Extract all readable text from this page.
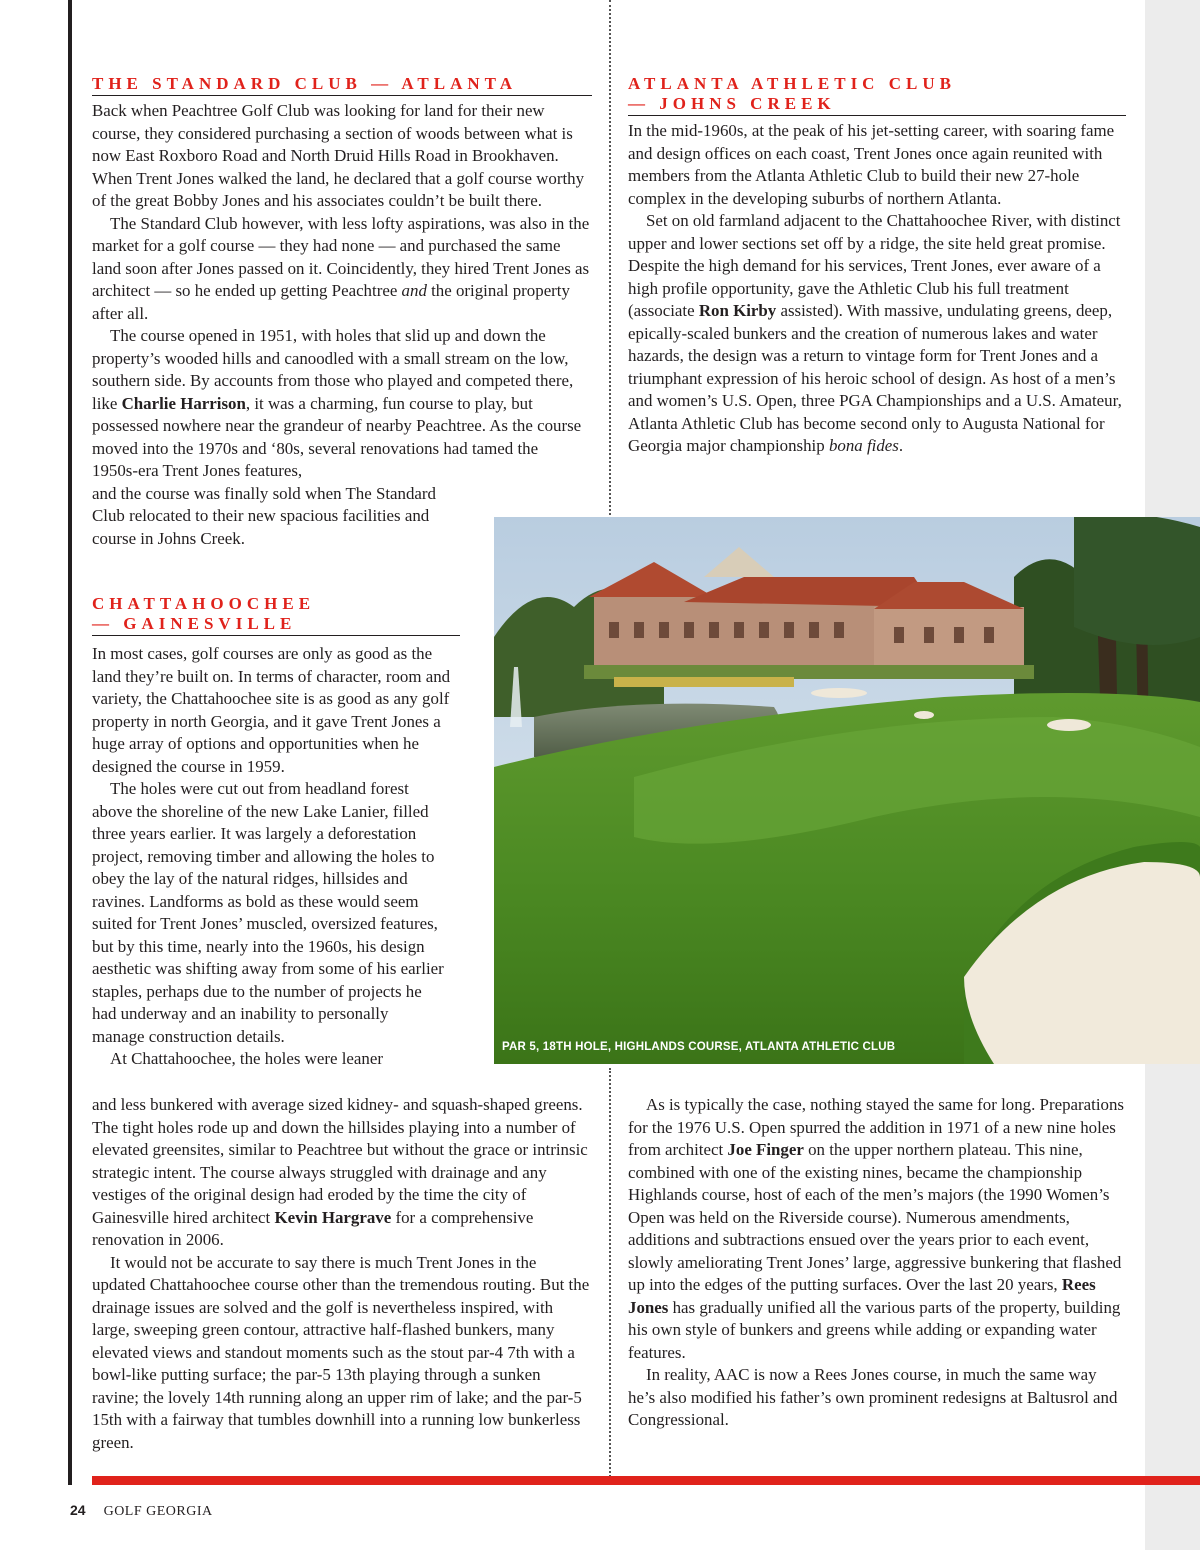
THE STANDARD CLUB — ATLANTA

Back when Peachtree Golf Club was looking for land for their new course, they considered purchasing a section of woods between what is now East Roxboro Road and North Druid Hills Road in Brookhaven. When Trent Jones walked the land, he declared that a golf course worthy of the great Bobby Jones and his associates couldn’t be built there.

The Standard Club however, with less lofty aspirations, was also in the market for a golf course — they had none — and purchased the same land soon after Jones passed on it. Coincidently, they hired Trent Jones as architect — so he ended up getting Peachtree and the original property after all.

The course opened in 1951, with holes that slid up and down the property’s wooded hills and canoodled with a small stream on the low, southern side. By accounts from those who played and competed there, like Charlie Harrison, it was a charming, fun course to play, but possessed nowhere near the grandeur of nearby Peachtree. As the course moved into the 1970s and ‘80s, several renovations had tamed the 1950s-era Trent Jones features,

and the course was finally sold when The Standard Club relocated to their new spacious facilities and course in Johns Creek.

CHATTAHOOCHEE
— GAINESVILLE

In most cases, golf courses are only as good as the land they’re built on. In terms of character, room and variety, the Chattahoochee site is as good as any golf property in north Georgia, and it gave Trent Jones a huge array of options and opportunities when he designed the course in 1959.

The holes were cut out from headland forest above the shoreline of the new Lake Lanier, filled three years earlier. It was largely a deforestation project, removing timber and allowing the holes to obey the lay of the natural ridges, hillsides and ravines. Landforms as bold as these would seem suited for Trent Jones’ muscled, oversized features, but by this time, nearly into the 1960s, his design aesthetic was shifting away from some of his earlier staples, perhaps due to the number of projects he had underway and an inability to personally manage construction details.

At Chattahoochee, the holes were leaner

and less bunkered with average sized kidney- and squash-shaped greens. The tight holes rode up and down the hillsides playing into a number of elevated greensites, similar to Peachtree but without the grace or intrinsic strategic intent. The course always struggled with drainage and any vestiges of the original design had eroded by the time the city of Gainesville hired architect Kevin Hargrave for a comprehensive renovation in 2006.

It would not be accurate to say there is much Trent Jones in the updated Chattahoochee course other than the tremendous routing. But the drainage issues are solved and the golf is nevertheless inspired, with large, sweeping green contour, attractive half-flashed bunkers, many elevated views and standout moments such as the stout par-4 7th with a bowl-like putting surface; the par-5 13th playing through a sunken ravine; the lovely 14th running along an upper rim of lake; and the par-5 15th with a fairway that tumbles downhill into a running low bunkerless green.

ATLANTA ATHLETIC CLUB
— JOHNS CREEK

In the mid-1960s, at the peak of his jet-setting career, with soaring fame and design offices on each coast, Trent Jones once again reunited with members from the Atlanta Athletic Club to build their new 27-hole complex in the developing suburbs of northern Atlanta.

Set on old farmland adjacent to the Chattahoochee River, with distinct upper and lower sections set off by a ridge, the site held great promise. Despite the high demand for his services, Trent Jones, ever aware of a high profile opportunity, gave the Athletic Club his full treatment (associate Ron Kirby assisted). With massive, undulating greens, deep, epically-scaled bunkers and the creation of numerous lakes and water hazards, the design was a return to vintage form for Trent Jones and a triumphant expression of his heroic school of design. As host of a men’s and women’s U.S. Open, three PGA Championships and a U.S. Amateur, Atlanta Athletic Club has become second only to Augusta National for Georgia major championship bona fides.

As is typically the case, nothing stayed the same for long. Preparations for the 1976 U.S. Open spurred the addition in 1971 of a new nine holes from architect Joe Finger on the upper northern plateau. This nine, combined with one of the existing nines, became the championship Highlands course, host of each of the men’s majors (the 1990 Women’s Open was held on the Riverside course). Numerous amendments, additions and subtractions ensued over the years prior to each event, slowly ameliorating Trent Jones’ large, aggressive bunkering that flashed up into the edges of the putting surfaces. Over the last 20 years, Rees Jones has gradually unified all the various parts of the property, building his own style of bunkers and greens while adding or expanding water features.

In reality, AAC is now a Rees Jones course, in much the same way he’s also modified his father’s own prominent redesigns at Baltusrol and Congressional.

PAR 5, 18TH HOLE, HIGHLANDS COURSE, ATLANTA ATHLETIC CLUB
24 GOLF GEORGIA
